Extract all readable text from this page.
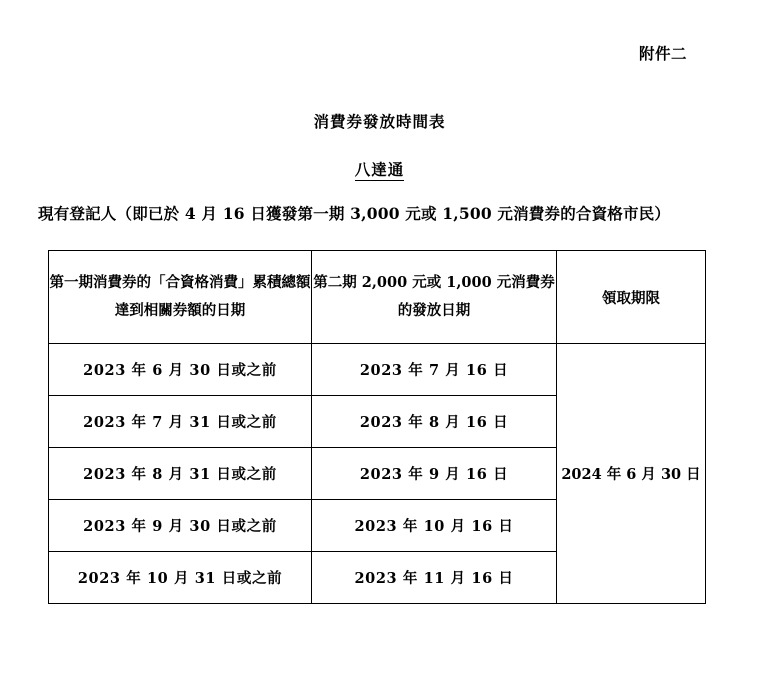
附件二
消費券發放時間表
八達通
現有登記人（即已於 4 月 16 日獲發第一期 3,000 元或 1,500 元消費券的合資格市民）
第一期消費券的「合資格消費」累積總額達到相關券額的日期	第二期 2,000 元或 1,000 元消費券的發放日期	領取期限
2023 年 6 月 30 日或之前	2023 年 7 月 16 日	2024 年 6 月 30 日
2023 年 7 月 31 日或之前	2023 年 8 月 16 日	
2023 年 8 月 31 日或之前	2023 年 9 月 16 日	
2023 年 9 月 30 日或之前	2023 年 10 月 16 日	
2023 年 10 月 31 日或之前	2023 年 11 月 16 日	
